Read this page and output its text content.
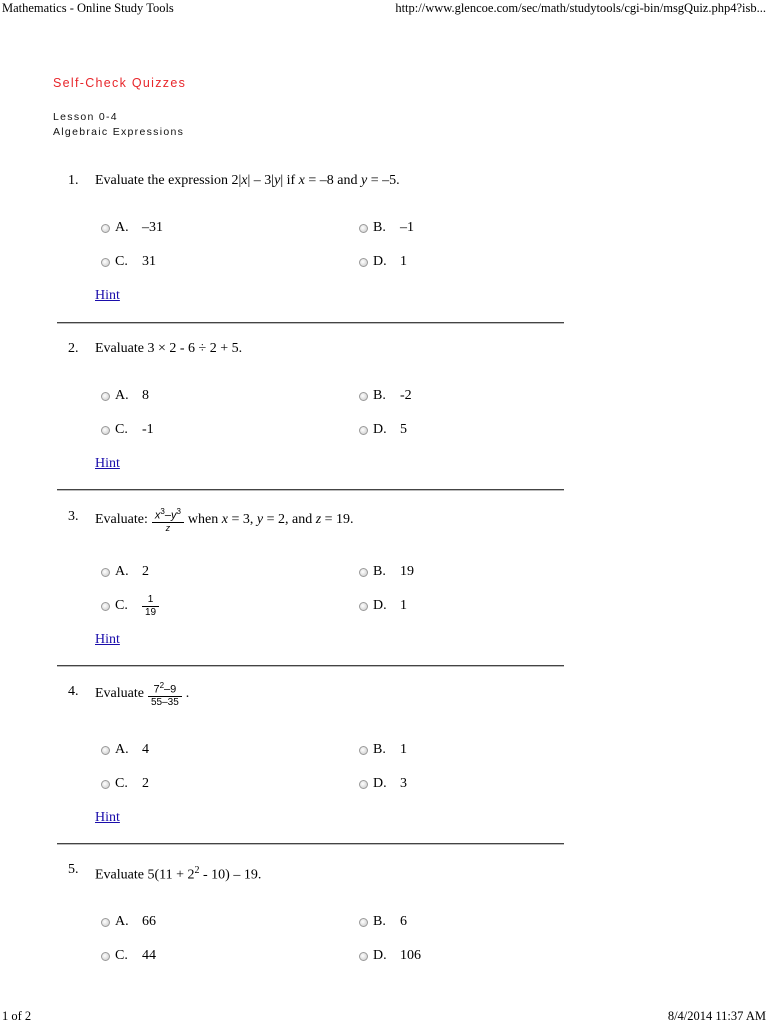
Mathematics - Online Study Tools	http://www.glencoe.com/sec/math/studytools/cgi-bin/msgQuiz.php4?isb...
1 of 2	8/4/2014 11:37 AM
Self-Check Quizzes
Lesson 0-4
Algebraic Expressions
1. Evaluate the expression 2|x| – 3|y| if x = –8 and y = –5.
A. –31	B.	–1
C.	31	D. 1
Hint
2. Evaluate 3 × 2 - 6 ÷ 2 + 5.
A. 8	B.	-2
C.	-1	D. 5
Hint
3. Evaluate: $\frac{x^3-y^3}{z}$ when x = 3, y = 2, and z = 19.
A. 2	B.	19
C.	$\frac{1}{19}$	D. 1
Hint
4. Evaluate $\frac{7^2-9}{55-35}$ .
A. 4	B.	1
C.	2	D. 3
Hint
5. Evaluate $5(11 + 2^2 - 10) - 19$.
A. 66	B.	6
C.	44	D. 106
